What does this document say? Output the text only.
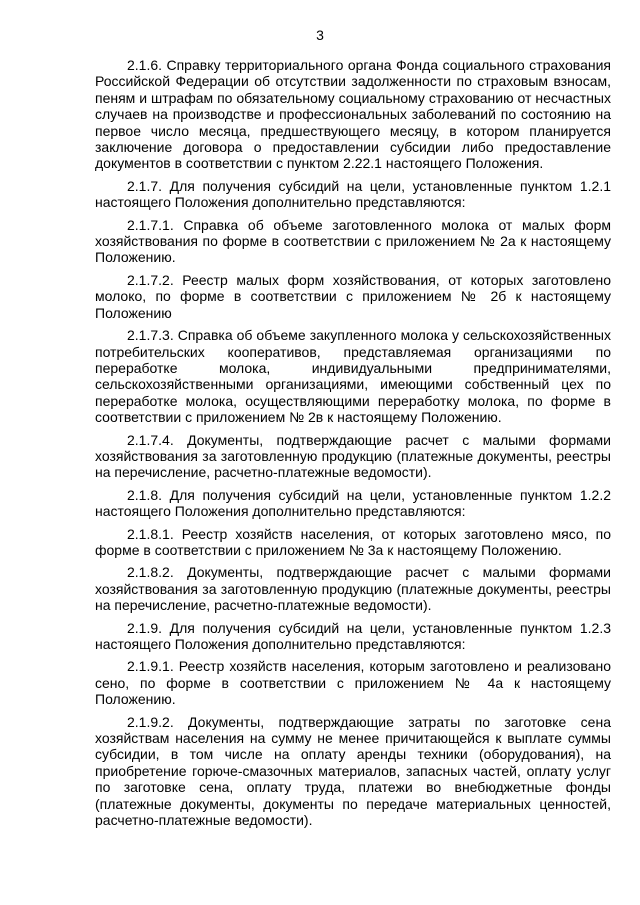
3

2.1.6. Справку территориального органа Фонда социального страхования Российской Федерации об отсутствии задолженности по страховым взносам, пеням и штрафам по обязательному социальному страхованию от несчастных случаев на производстве и профессиональных заболеваний по состоянию на первое число месяца, предшествующего месяцу, в котором планируется заключение договора о предоставлении субсидии либо предоставление документов в соответствии с пунктом 2.22.1 настоящего Положения.

2.1.7. Для получения субсидий на цели, установленные пунктом 1.2.1 настоящего Положения дополнительно представляются:

2.1.7.1. Справка об объеме заготовленного молока от малых форм хозяйствования по форме в соответствии с приложением № 2а к настоящему Положению.

2.1.7.2. Реестр малых форм хозяйствования, от которых заготовлено молоко, по форме в соответствии с приложением № 2б к настоящему Положению

2.1.7.3. Справка об объеме закупленного молока у сельскохозяйственных потребительских кооперативов, представляемая организациями по переработке молока, индивидуальными предпринимателями, сельскохозяйственными организациями, имеющими собственный цех по переработке молока, осуществляющими переработку молока, по форме в соответствии с приложением № 2в к настоящему Положению.

2.1.7.4. Документы, подтверждающие расчет с малыми формами хозяйствования за заготовленную продукцию (платежные документы, реестры на перечисление, расчетно-платежные ведомости).

2.1.8. Для получения субсидий на цели, установленные пунктом 1.2.2 настоящего Положения дополнительно представляются:

2.1.8.1. Реестр хозяйств населения, от которых заготовлено мясо, по форме в соответствии с приложением № 3а к настоящему Положению.

2.1.8.2. Документы, подтверждающие расчет с малыми формами хозяйствования за заготовленную продукцию (платежные документы, реестры на перечисление, расчетно-платежные ведомости).

2.1.9. Для получения субсидий на цели, установленные пунктом 1.2.3 настоящего Положения дополнительно представляются:

2.1.9.1. Реестр хозяйств населения, которым заготовлено и реализовано сено, по форме в соответствии с приложением № 4а к настоящему Положению.

2.1.9.2. Документы, подтверждающие затраты по заготовке сена хозяйствам населения на сумму не менее причитающейся к выплате суммы субсидии, в том числе на оплату аренды техники (оборудования), на приобретение горюче-смазочных материалов, запасных частей, оплату услуг по заготовке сена, оплату труда, платежи во внебюджетные фонды (платежные документы, документы по передаче материальных ценностей, расчетно-платежные ведомости).
